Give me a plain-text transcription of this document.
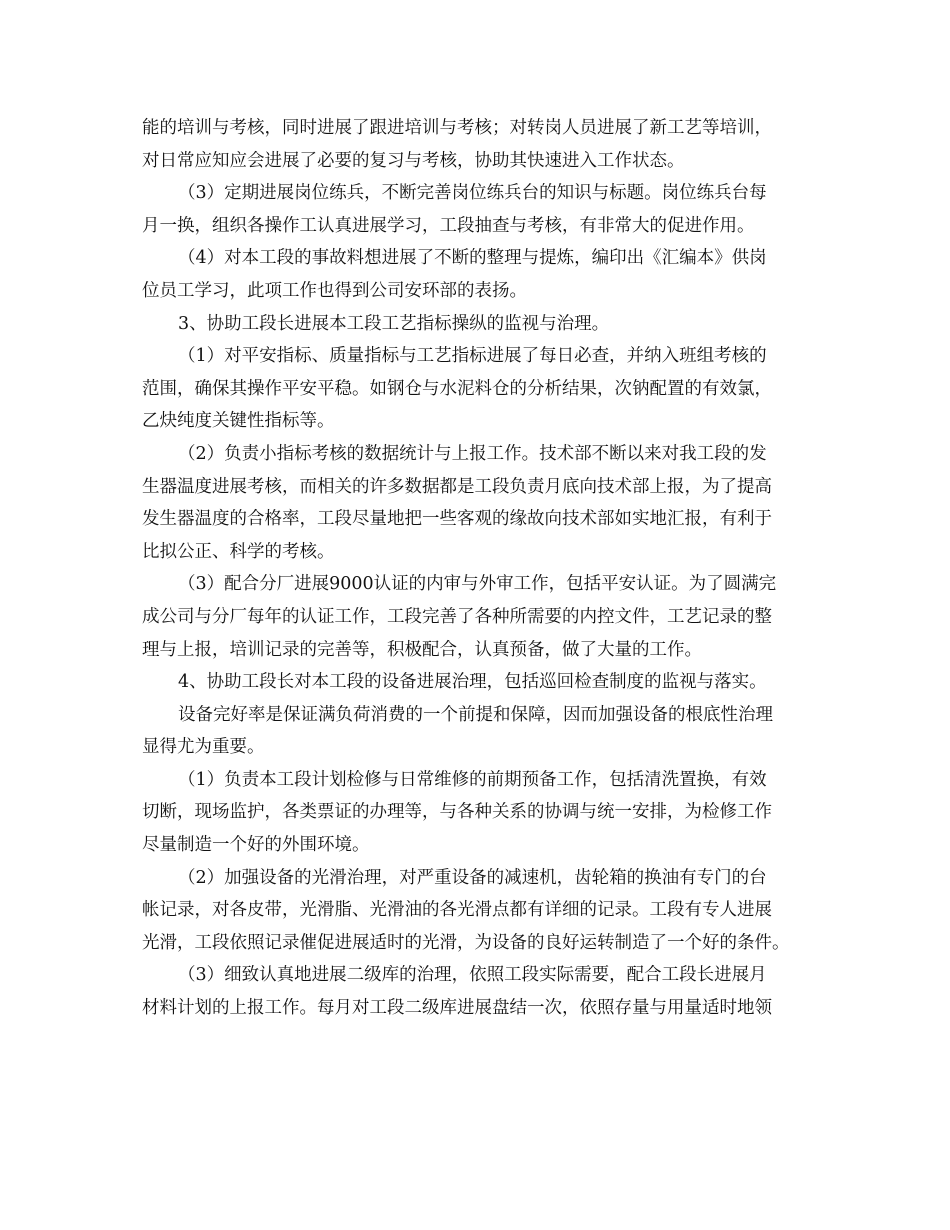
能的培训与考核，同时进展了跟进培训与考核；对转岗人员进展了新工艺等培训，
对日常应知应会进展了必要的复习与考核，协助其快速进入工作状态。
（3）定期进展岗位练兵，不断完善岗位练兵台的知识与标题。岗位练兵台每
月一换，组织各操作工认真进展学习，工段抽查与考核，有非常大的促进作用。
（4）对本工段的事故料想进展了不断的整理与提炼，编印出《汇编本》供岗
位员工学习，此项工作也得到公司安环部的表扬。
3、协助工段长进展本工段工艺指标操纵的监视与治理。
（1）对平安指标、质量指标与工艺指标进展了每日必查，并纳入班组考核的
范围，确保其操作平安平稳。如钢仓与水泥料仓的分析结果，次钠配置的有效氯，
乙炔纯度关键性指标等。
（2）负责小指标考核的数据统计与上报工作。技术部不断以来对我工段的发
生器温度进展考核，而相关的许多数据都是工段负责月底向技术部上报，为了提高
发生器温度的合格率，工段尽量地把一些客观的缘故向技术部如实地汇报，有利于
比拟公正、科学的考核。
（3）配合分厂进展9000认证的内审与外审工作，包括平安认证。为了圆满完
成公司与分厂每年的认证工作，工段完善了各种所需要的内控文件，工艺记录的整
理与上报，培训记录的完善等，积极配合，认真预备，做了大量的工作。
4、协助工段长对本工段的设备进展治理，包括巡回检查制度的监视与落实。
设备完好率是保证满负荷消费的一个前提和保障，因而加强设备的根底性治理
显得尤为重要。
（1）负责本工段计划检修与日常维修的前期预备工作，包括清洗置换，有效
切断，现场监护，各类票证的办理等，与各种关系的协调与统一安排，为检修工作
尽量制造一个好的外围环境。
（2）加强设备的光滑治理，对严重设备的减速机，齿轮箱的换油有专门的台
帐记录，对各皮带，光滑脂、光滑油的各光滑点都有详细的记录。工段有专人进展
光滑，工段依照记录催促进展适时的光滑，为设备的良好运转制造了一个好的条件。
（3）细致认真地进展二级库的治理，依照工段实际需要，配合工段长进展月
材料计划的上报工作。每月对工段二级库进展盘结一次，依照存量与用量适时地领
